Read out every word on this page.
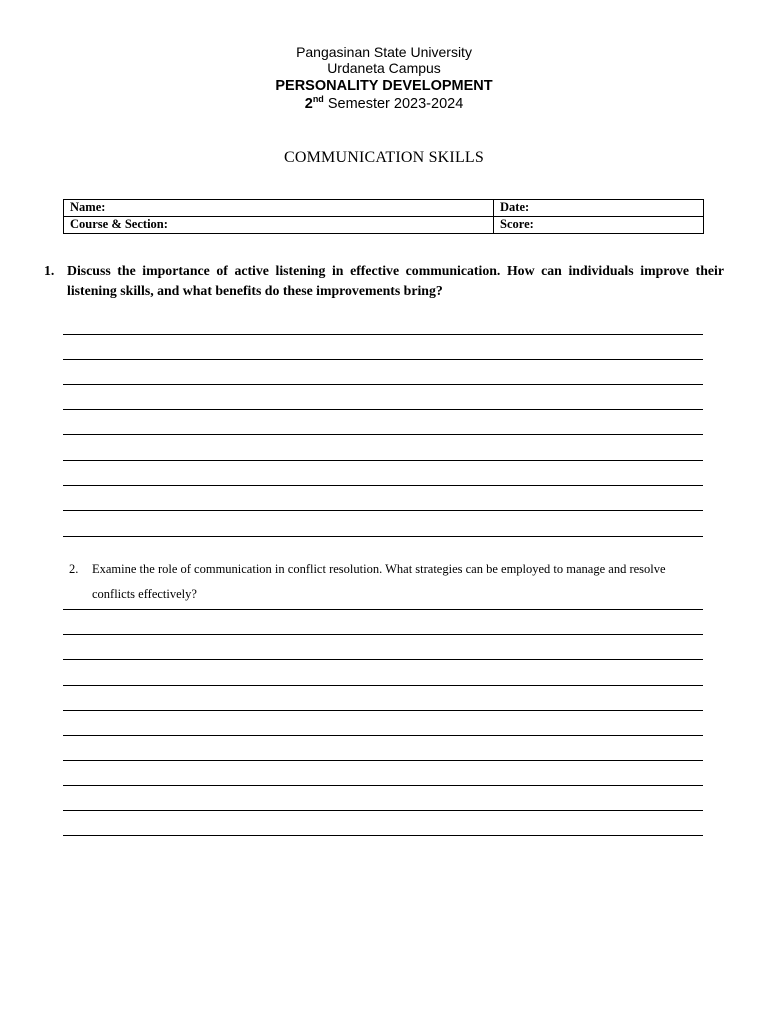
Pangasinan State University
Urdaneta Campus
PERSONALITY DEVELOPMENT
2nd Semester 2023-2024
COMMUNICATION SKILLS
Name:	Date:
Course & Section:	Score:
1. Discuss the importance of active listening in effective communication. How can individuals improve their listening skills, and what benefits do these improvements bring?
2. Examine the role of communication in conflict resolution. What strategies can be employed to manage and resolve conflicts effectively?
